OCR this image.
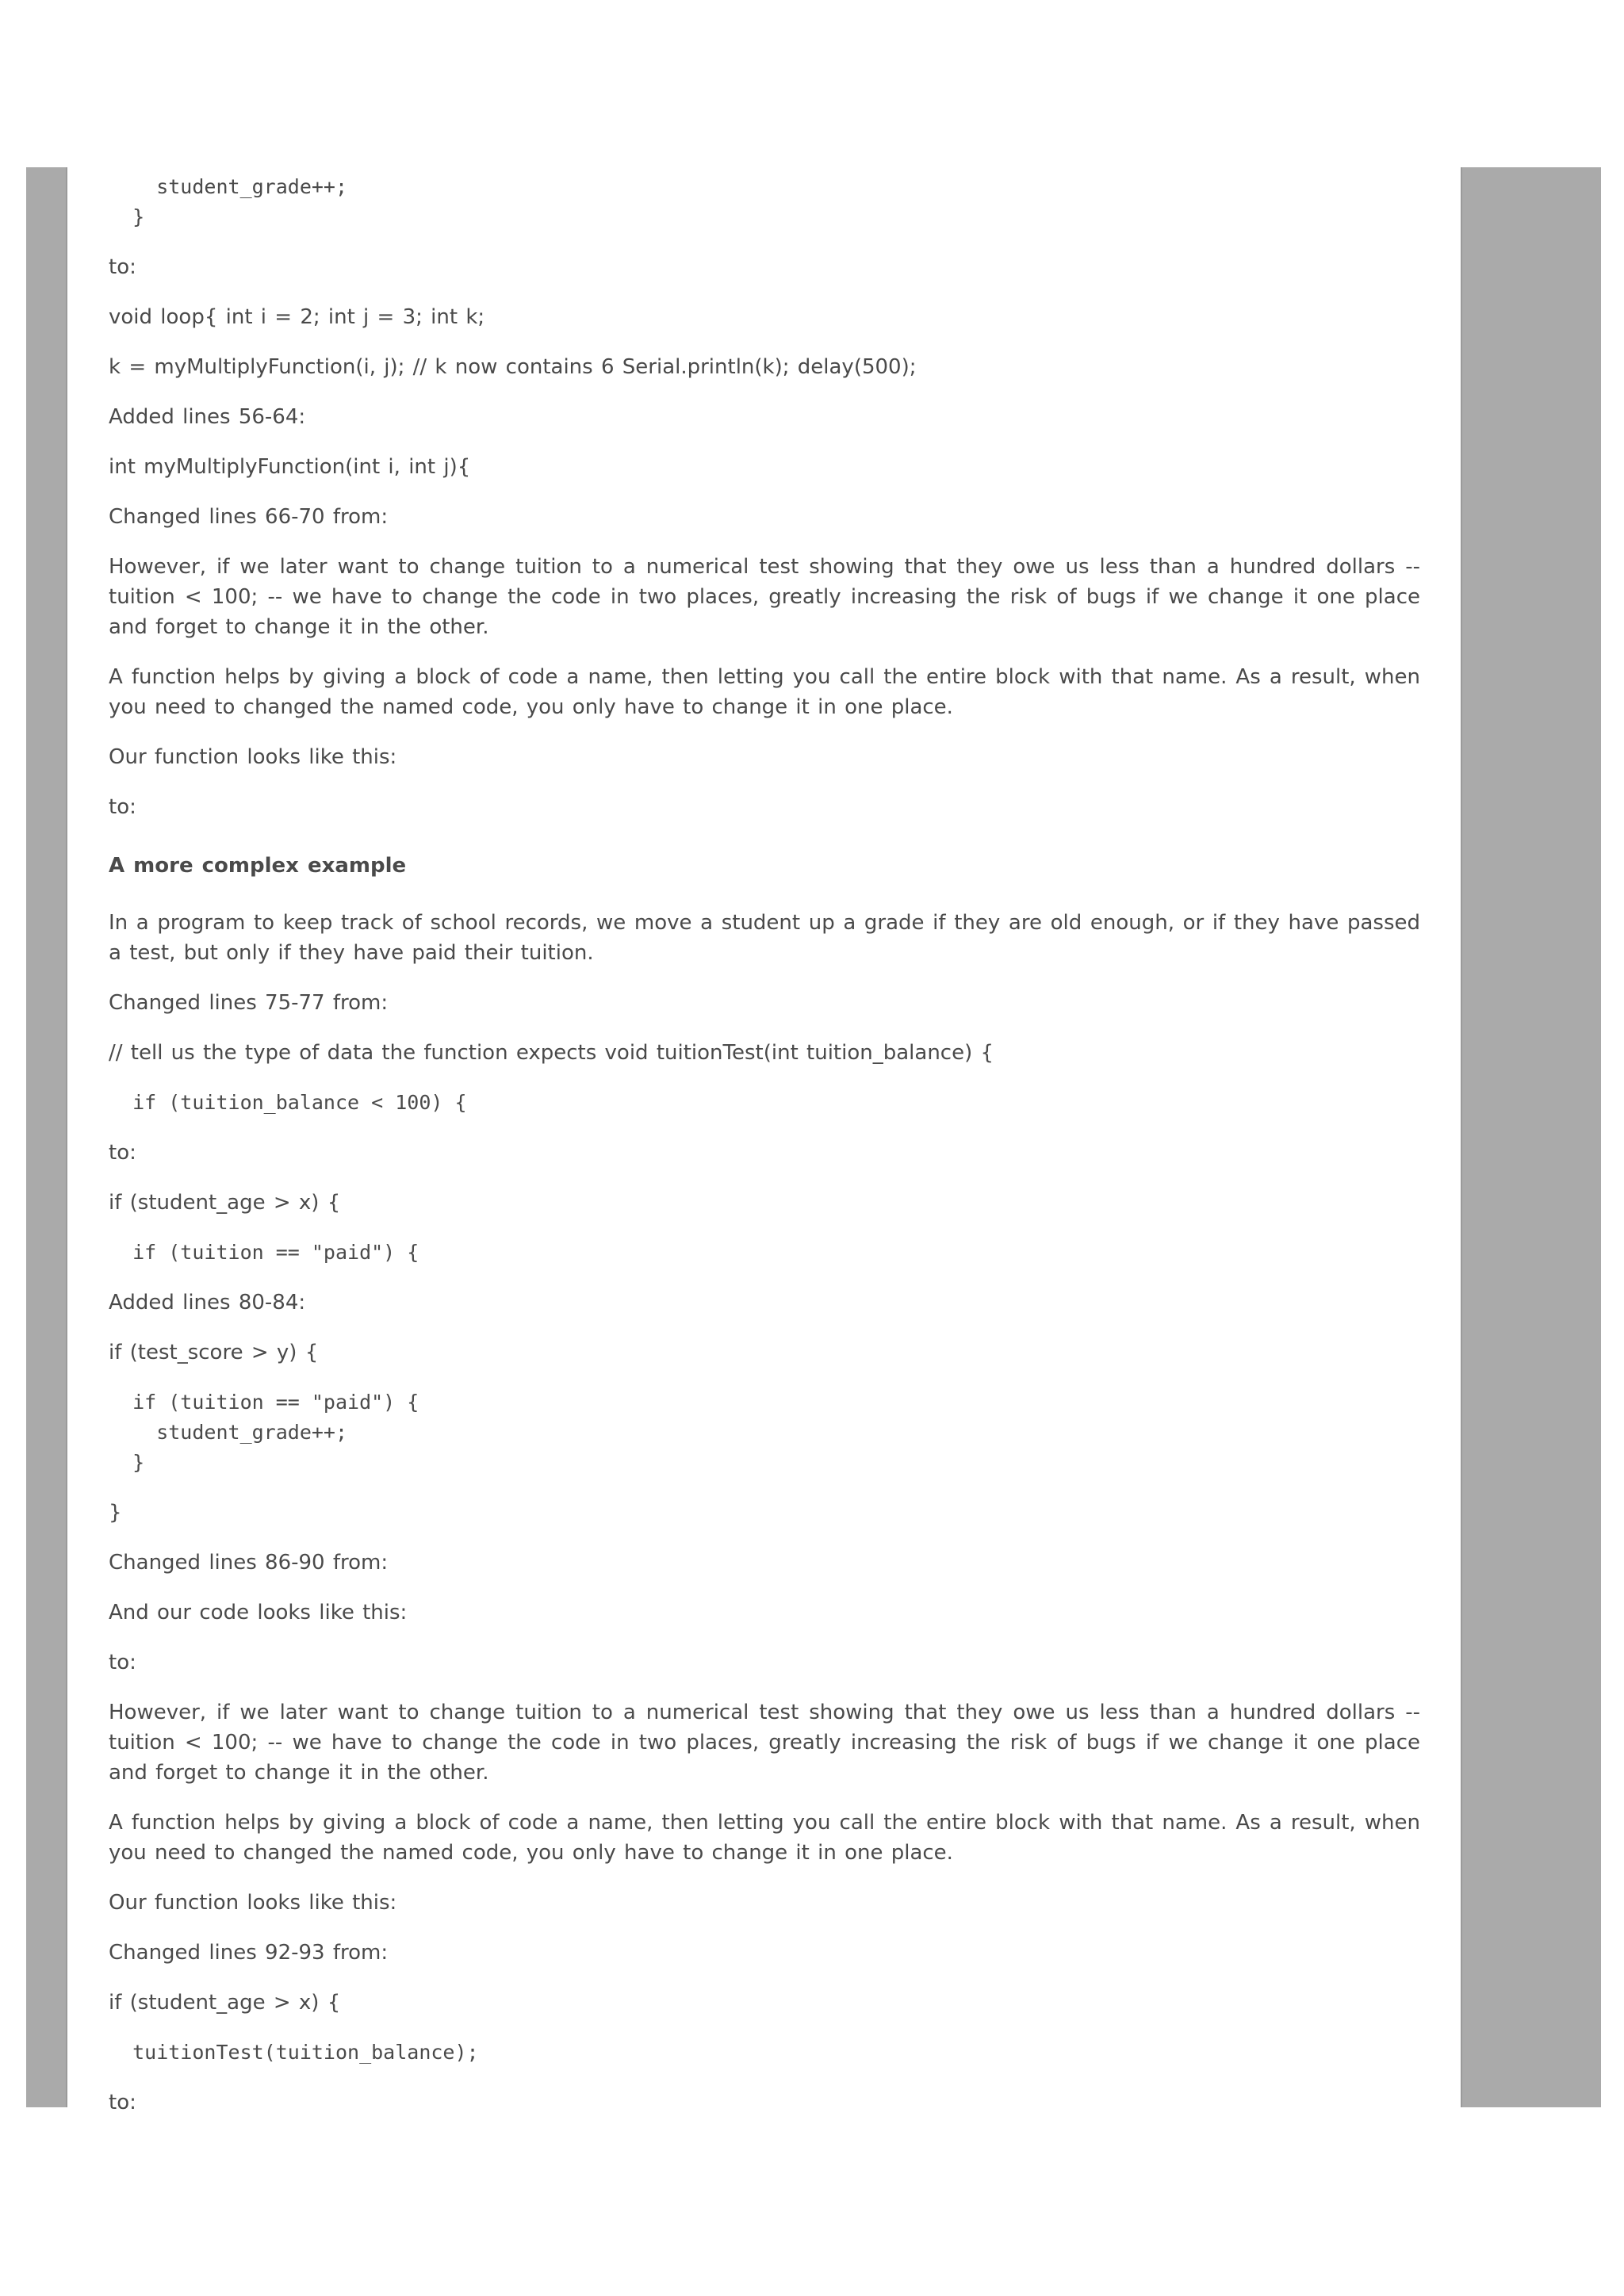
student_grade++;
}

to:

void loop{ int i = 2; int j = 3; int k;

k = myMultiplyFunction(i, j); // k now contains 6 Serial.println(k); delay(500);

Added lines 56-64:

int myMultiplyFunction(int i, int j){

Changed lines 66-70 from:

However, if we later want to change tuition to a numerical test showing that they owe us less than a hundred dollars -- tuition < 100; -- we have to change the code in two places, greatly increasing the risk of bugs if we change it one place and forget to change it in the other.

A function helps by giving a block of code a name, then letting you call the entire block with that name. As a result, when you need to changed the named code, you only have to change it in one place.

Our function looks like this:

to:

A more complex example

In a program to keep track of school records, we move a student up a grade if they are old enough, or if they have passed a test, but only if they have paid their tuition.

Changed lines 75-77 from:

// tell us the type of data the function expects void tuitionTest(int tuition_balance) {

if (tuition_balance < 100) {

to:

if (student_age > x) {

if (tuition == "paid") {

Added lines 80-84:

if (test_score > y) {

if (tuition == "paid") {
student_grade++;
}

}

Changed lines 86-90 from:

And our code looks like this:

to:

However, if we later want to change tuition to a numerical test showing that they owe us less than a hundred dollars -- tuition < 100; -- we have to change the code in two places, greatly increasing the risk of bugs if we change it one place and forget to change it in the other.

A function helps by giving a block of code a name, then letting you call the entire block with that name. As a result, when you need to changed the named code, you only have to change it in one place.

Our function looks like this:

Changed lines 92-93 from:

if (student_age > x) {

tuitionTest(tuition_balance);

to:
